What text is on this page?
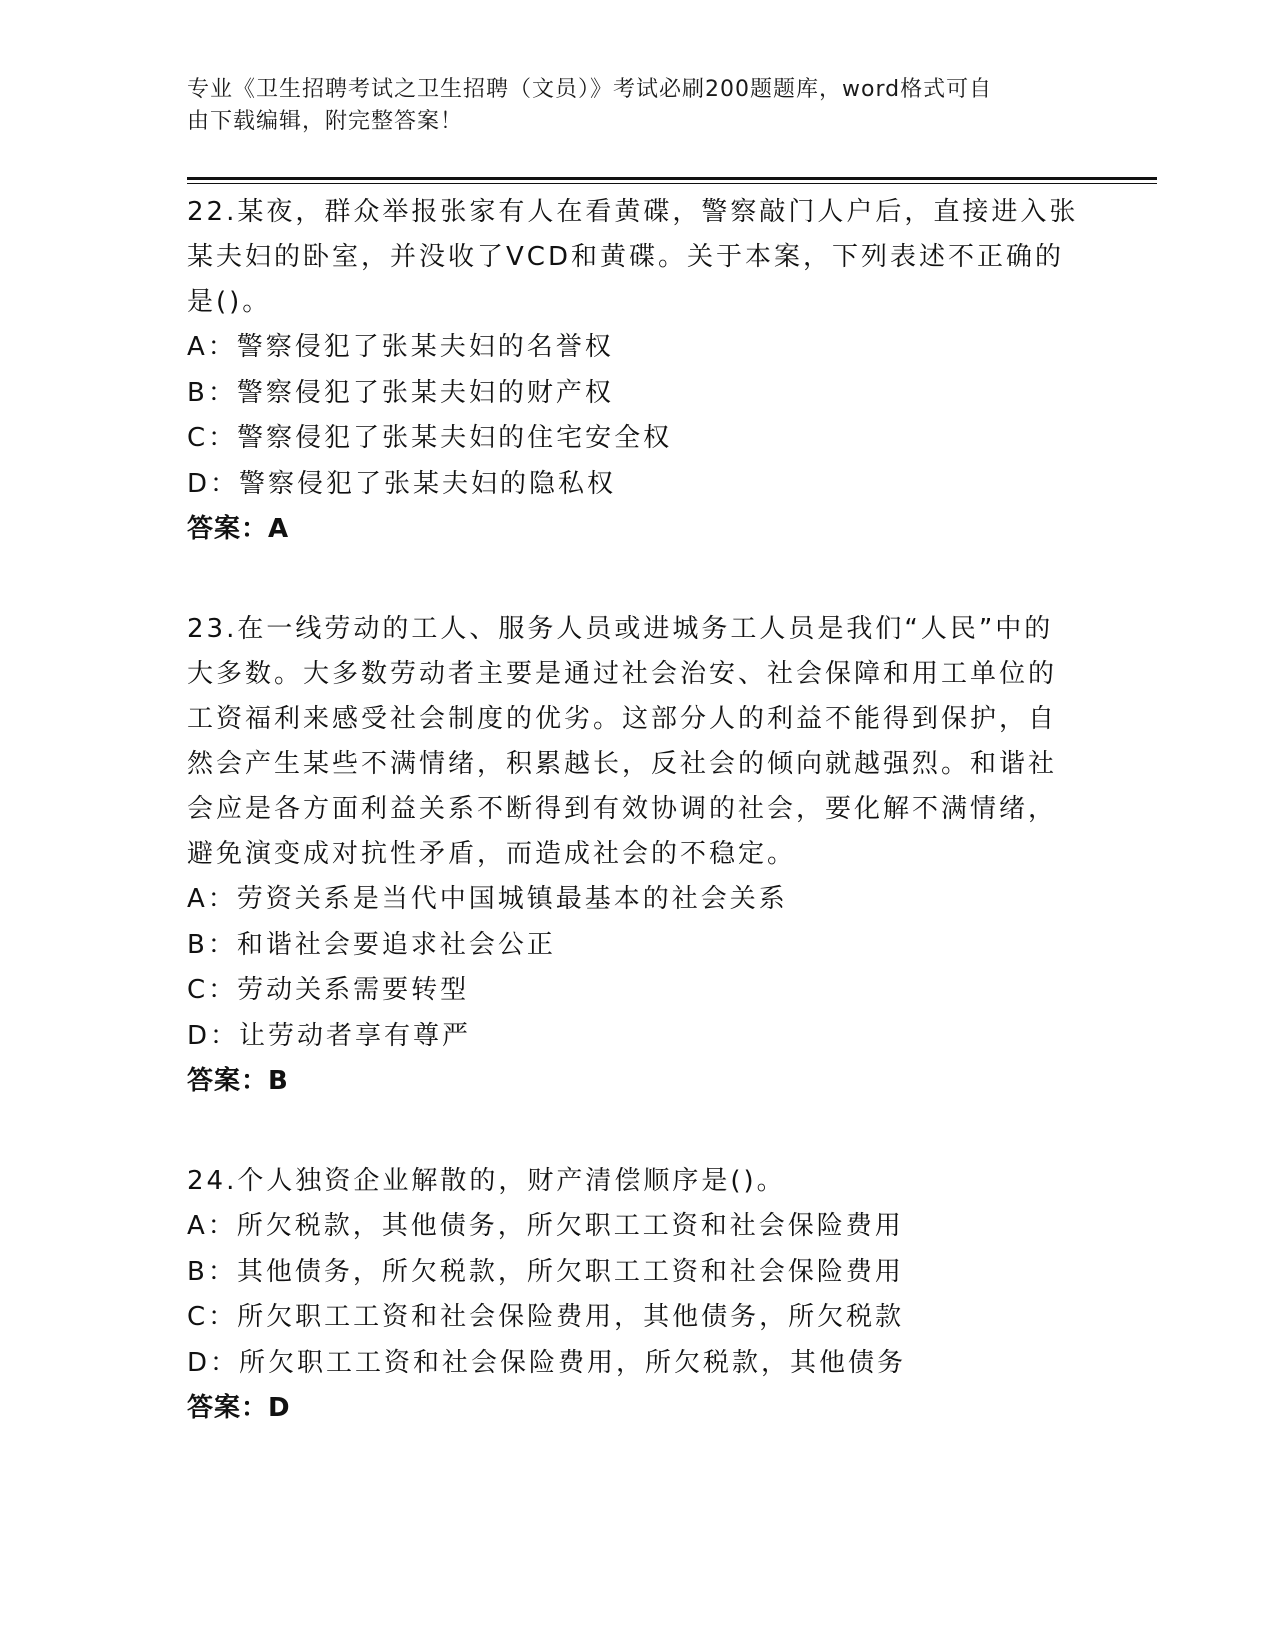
专业《卫生招聘考试之卫生招聘（文员）》考试必刷200题题库，word格式可自
由下载编辑，附完整答案！
22.某夜，群众举报张家有人在看黄碟，警察敲门人户后，直接进入张
某夫妇的卧室，并没收了VCD和黄碟。关于本案，下列表述不正确的
是()。
A：警察侵犯了张某夫妇的名誉权
B：警察侵犯了张某夫妇的财产权
C：警察侵犯了张某夫妇的住宅安全权
D：警察侵犯了张某夫妇的隐私权
答案：A
23.在一线劳动的工人、服务人员或进城务工人员是我们“人民”中的
大多数。大多数劳动者主要是通过社会治安、社会保障和用工单位的
工资福利来感受社会制度的优劣。这部分人的利益不能得到保护，自
然会产生某些不满情绪，积累越长，反社会的倾向就越强烈。和谐社
会应是各方面利益关系不断得到有效协调的社会，要化解不满情绪，
避免演变成对抗性矛盾，而造成社会的不稳定。
A：劳资关系是当代中国城镇最基本的社会关系
B：和谐社会要追求社会公正
C：劳动关系需要转型
D：让劳动者享有尊严
答案：B
24.个人独资企业解散的，财产清偿顺序是()。
A：所欠税款，其他债务，所欠职工工资和社会保险费用
B：其他债务，所欠税款，所欠职工工资和社会保险费用
C：所欠职工工资和社会保险费用，其他债务，所欠税款
D：所欠职工工资和社会保险费用，所欠税款，其他债务
答案：D
